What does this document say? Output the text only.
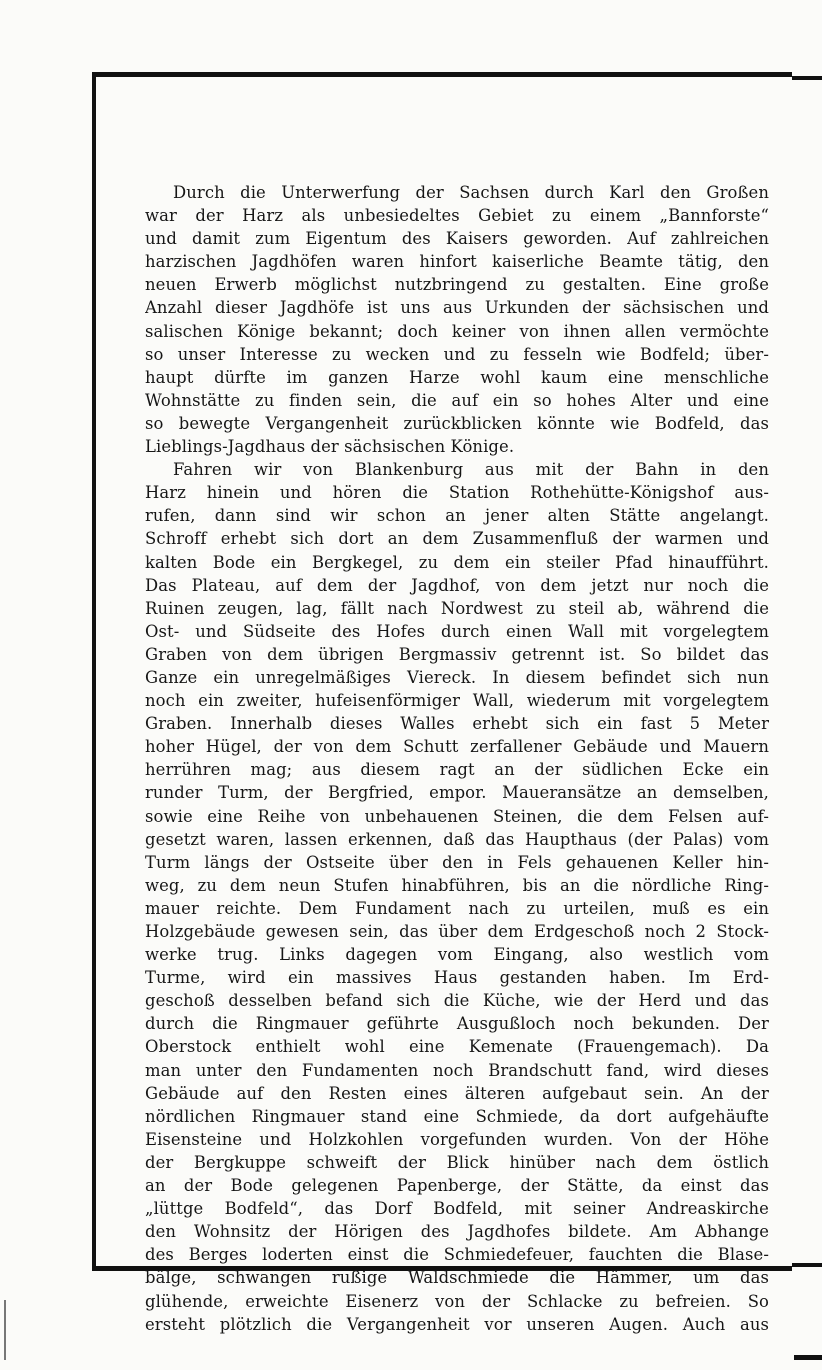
Durch die Unterwerfung der Sachsen durch Karl den Großen
war der Harz als unbesiedeltes Gebiet zu einem „Bannforste“
und damit zum Eigentum des Kaisers geworden. Auf zahlreichen
harzischen Jagdhöfen waren hinfort kaiserliche Beamte tätig, den
neuen Erwerb möglichst nutzbringend zu gestalten. Eine große
Anzahl dieser Jagdhöfe ist uns aus Urkunden der sächsischen und
salischen Könige bekannt; doch keiner von ihnen allen vermöchte
so unser Interesse zu wecken und zu fesseln wie Bodfeld; über-
haupt dürfte im ganzen Harze wohl kaum eine menschliche
Wohnstätte zu finden sein, die auf ein so hohes Alter und eine
so bewegte Vergangenheit zurückblicken könnte wie Bodfeld, das
Lieblings-Jagdhaus der sächsischen Könige.
Fahren wir von Blankenburg aus mit der Bahn in den
Harz hinein und hören die Station Rothehütte-Königshof aus-
rufen, dann sind wir schon an jener alten Stätte angelangt.
Schroff erhebt sich dort an dem Zusammenfluß der warmen und
kalten Bode ein Bergkegel, zu dem ein steiler Pfad hinaufführt.
Das Plateau, auf dem der Jagdhof, von dem jetzt nur noch die
Ruinen zeugen, lag, fällt nach Nordwest zu steil ab, während die
Ost- und Südseite des Hofes durch einen Wall mit vorgelegtem
Graben von dem übrigen Bergmassiv getrennt ist. So bildet das
Ganze ein unregelmäßiges Viereck. In diesem befindet sich nun
noch ein zweiter, hufeisenförmiger Wall, wiederum mit vorgelegtem
Graben. Innerhalb dieses Walles erhebt sich ein fast 5 Meter
hoher Hügel, der von dem Schutt zerfallener Gebäude und Mauern
herrühren mag; aus diesem ragt an der südlichen Ecke ein
runder Turm, der Bergfried, empor. Maueransätze an demselben,
sowie eine Reihe von unbehauenen Steinen, die dem Felsen auf-
gesetzt waren, lassen erkennen, daß das Haupthaus (der Palas) vom
Turm längs der Ostseite über den in Fels gehauenen Keller hin-
weg, zu dem neun Stufen hinabführen, bis an die nördliche Ring-
mauer reichte. Dem Fundament nach zu urteilen, muß es ein
Holzgebäude gewesen sein, das über dem Erdgeschoß noch 2 Stock-
werke trug. Links dagegen vom Eingang, also westlich vom
Turme, wird ein massives Haus gestanden haben. Im Erd-
geschoß desselben befand sich die Küche, wie der Herd und das
durch die Ringmauer geführte Ausgußloch noch bekunden. Der
Oberstock enthielt wohl eine Kemenate (Frauengemach). Da
man unter den Fundamenten noch Brandschutt fand, wird dieses
Gebäude auf den Resten eines älteren aufgebaut sein. An der
nördlichen Ringmauer stand eine Schmiede, da dort aufgehäufte
Eisensteine und Holzkohlen vorgefunden wurden. Von der Höhe
der Bergkuppe schweift der Blick hinüber nach dem östlich
an der Bode gelegenen Papenberge, der Stätte, da einst das
„lüttge Bodfeld“, das Dorf Bodfeld, mit seiner Andreaskirche
den Wohnsitz der Hörigen des Jagdhofes bildete. Am Abhange
des Berges loderten einst die Schmiedefeuer, fauchten die Blase-
bälge, schwangen rußige Waldschmiede die Hämmer, um das
glühende, erweichte Eisenerz von der Schlacke zu befreien. So
ersteht plötzlich die Vergangenheit vor unseren Augen. Auch aus
